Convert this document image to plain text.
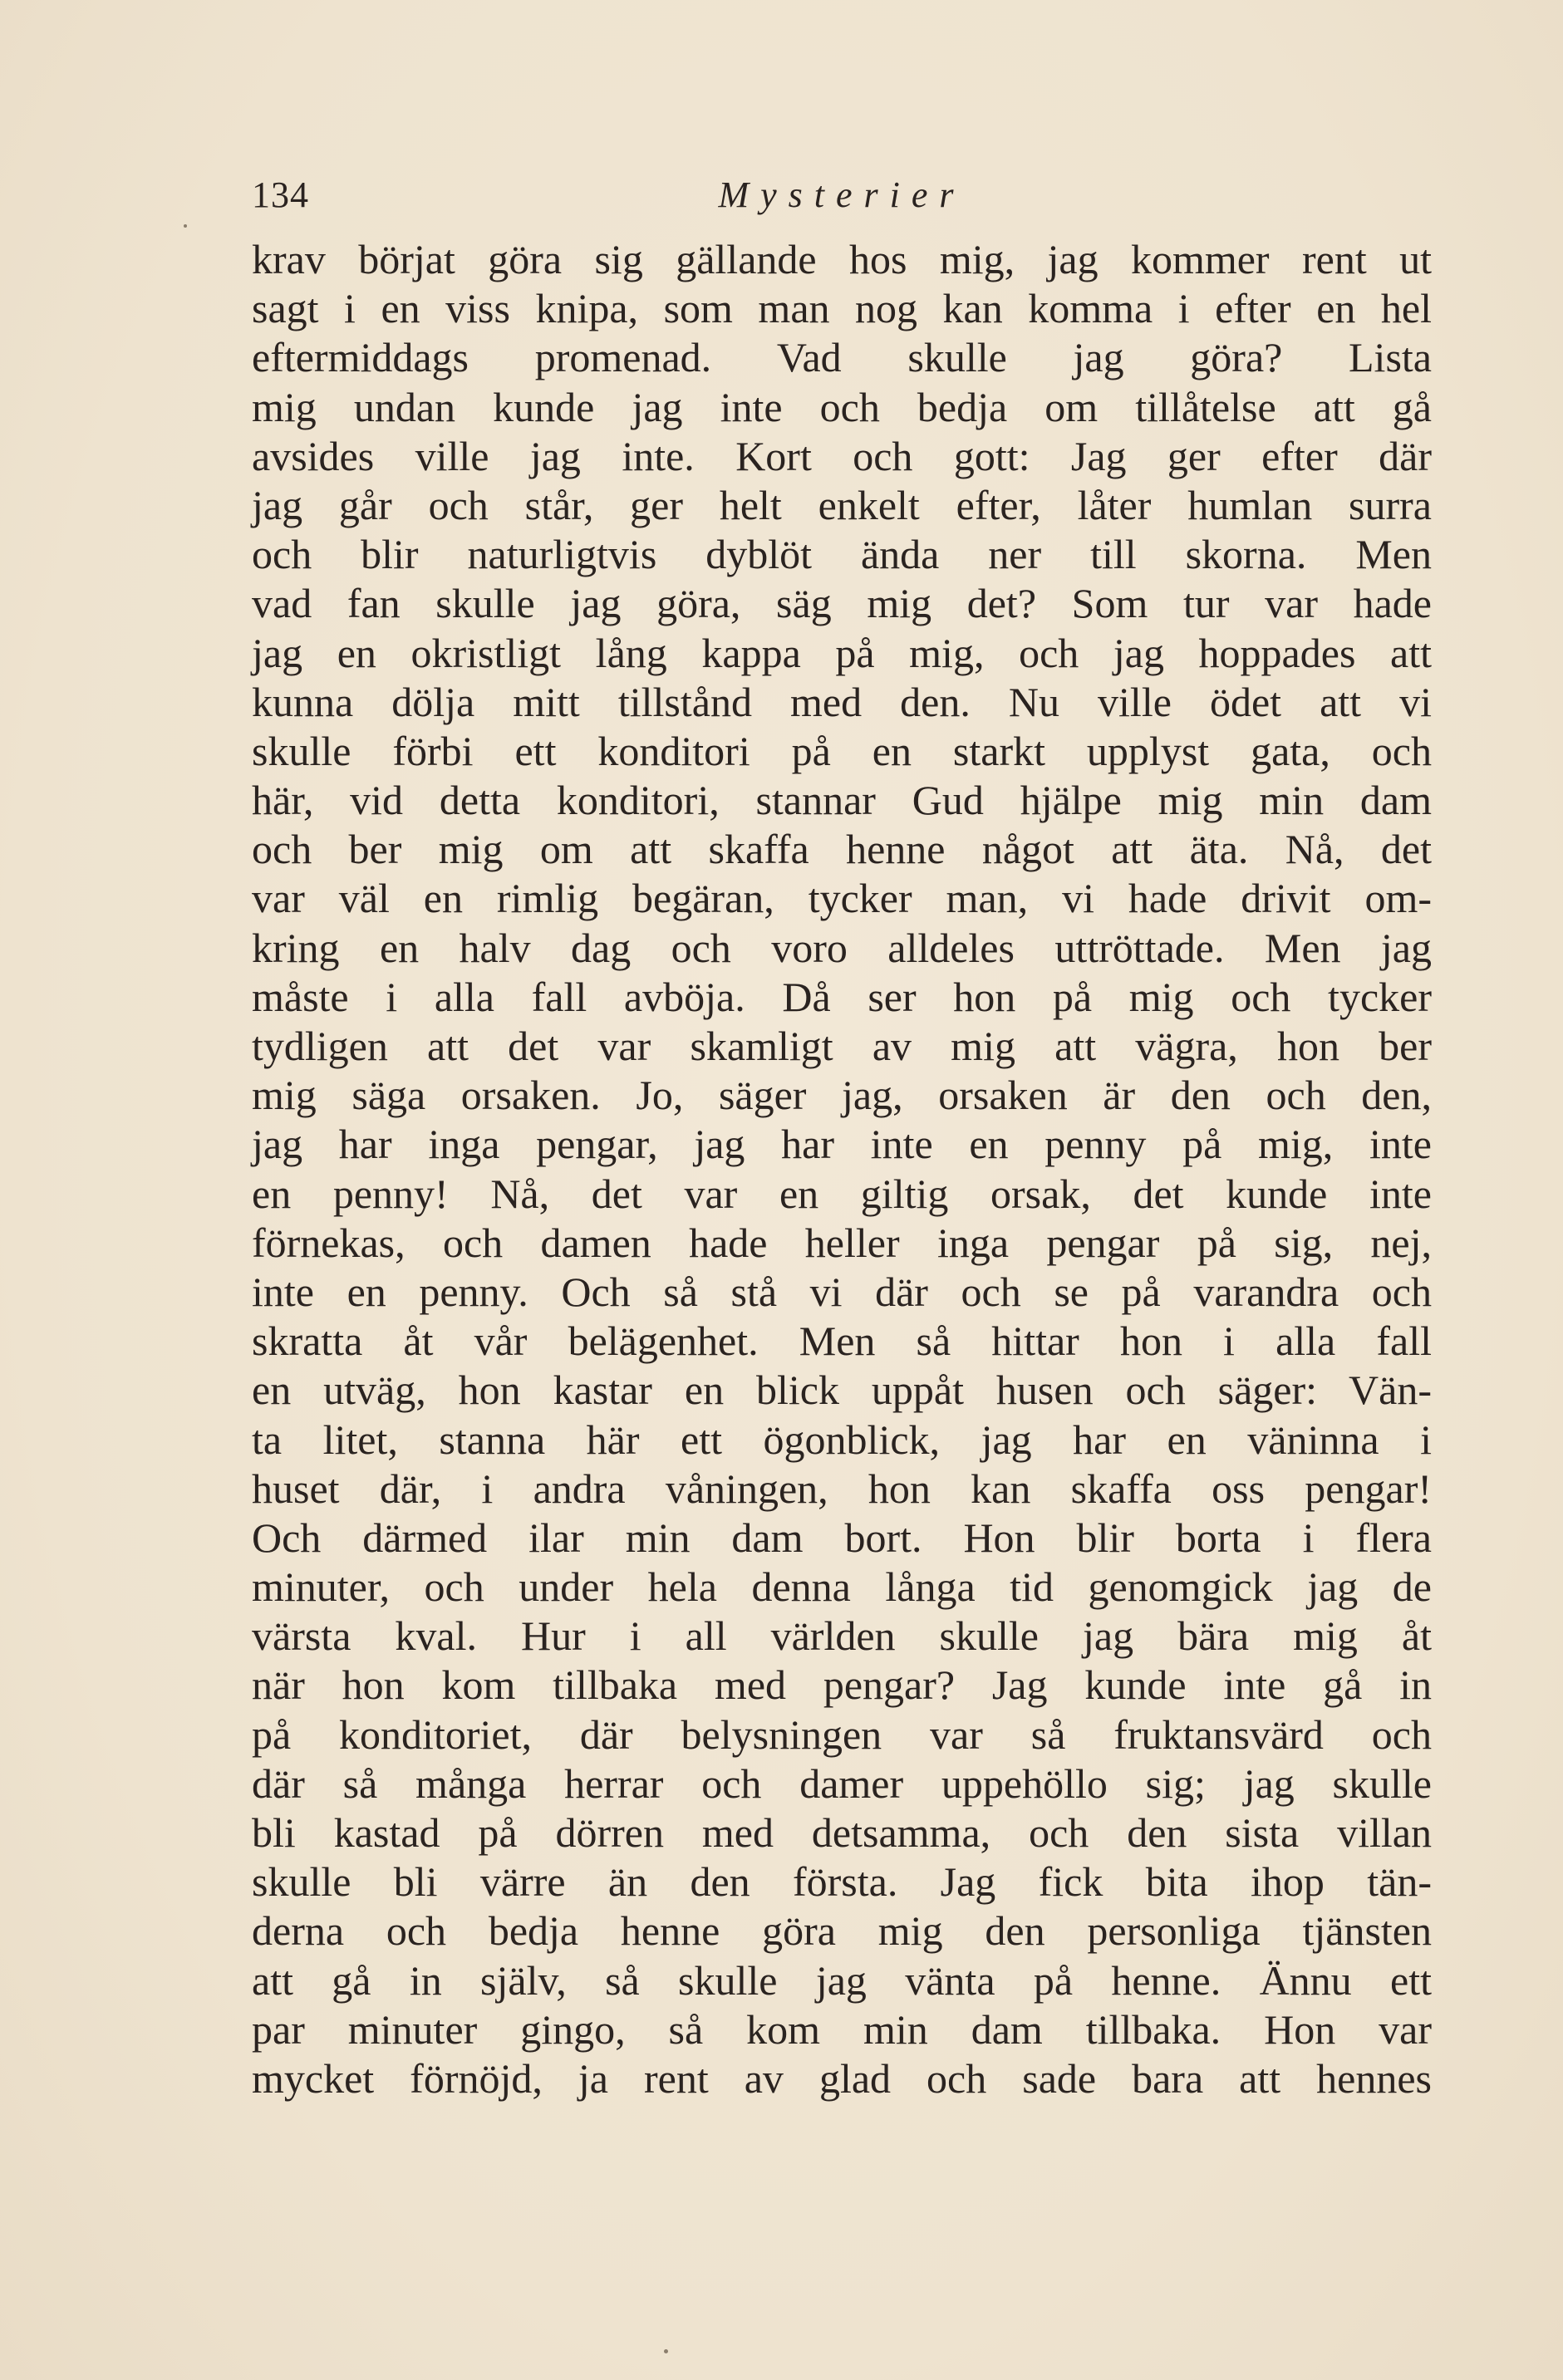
134	Mysterier
krav börjat göra sig gällande hos mig, jag kommer rent ut
sagt i en viss knipa, som man nog kan komma i efter en hel
eftermiddags promenad. Vad skulle jag göra? Lista
mig undan kunde jag inte och bedja om tillåtelse att gå
avsides ville jag inte. Kort och gott: Jag ger efter där
jag går och står, ger helt enkelt efter, låter humlan surra
och blir naturligtvis dyblöt ända ner till skorna. Men
vad fan skulle jag göra, säg mig det? Som tur var hade
jag en okristligt lång kappa på mig, och jag hoppades att
kunna dölja mitt tillstånd med den. Nu ville ödet att vi
skulle förbi ett konditori på en starkt upplyst gata, och
här, vid detta konditori, stannar Gud hjälpe mig min dam
och ber mig om att skaffa henne något att äta. Nå, det
var väl en rimlig begäran, tycker man, vi hade drivit om-
kring en halv dag och voro alldeles uttröttade. Men jag
måste i alla fall avböja. Då ser hon på mig och tycker
tydligen att det var skamligt av mig att vägra, hon ber
mig säga orsaken. Jo, säger jag, orsaken är den och den,
jag har inga pengar, jag har inte en penny på mig, inte
en penny! Nå, det var en giltig orsak, det kunde inte
förnekas, och damen hade heller inga pengar på sig, nej,
inte en penny. Och så stå vi där och se på varandra och
skratta åt vår belägenhet. Men så hittar hon i alla fall
en utväg, hon kastar en blick uppåt husen och säger: Vän-
ta litet, stanna här ett ögonblick, jag har en väninna i
huset där, i andra våningen, hon kan skaffa oss pengar!
Och därmed ilar min dam bort. Hon blir borta i flera
minuter, och under hela denna långa tid genomgick jag de
värsta kval. Hur i all världen skulle jag bära mig åt
när hon kom tillbaka med pengar? Jag kunde inte gå in
på konditoriet, där belysningen var så fruktansvärd och
där så många herrar och damer uppehöllo sig; jag skulle
bli kastad på dörren med detsamma, och den sista villan
skulle bli värre än den första. Jag fick bita ihop tän-
derna och bedja henne göra mig den personliga tjänsten
att gå in själv, så skulle jag vänta på henne. Ännu ett
par minuter gingo, så kom min dam tillbaka. Hon var
mycket förnöjd, ja rent av glad och sade bara att hennes
